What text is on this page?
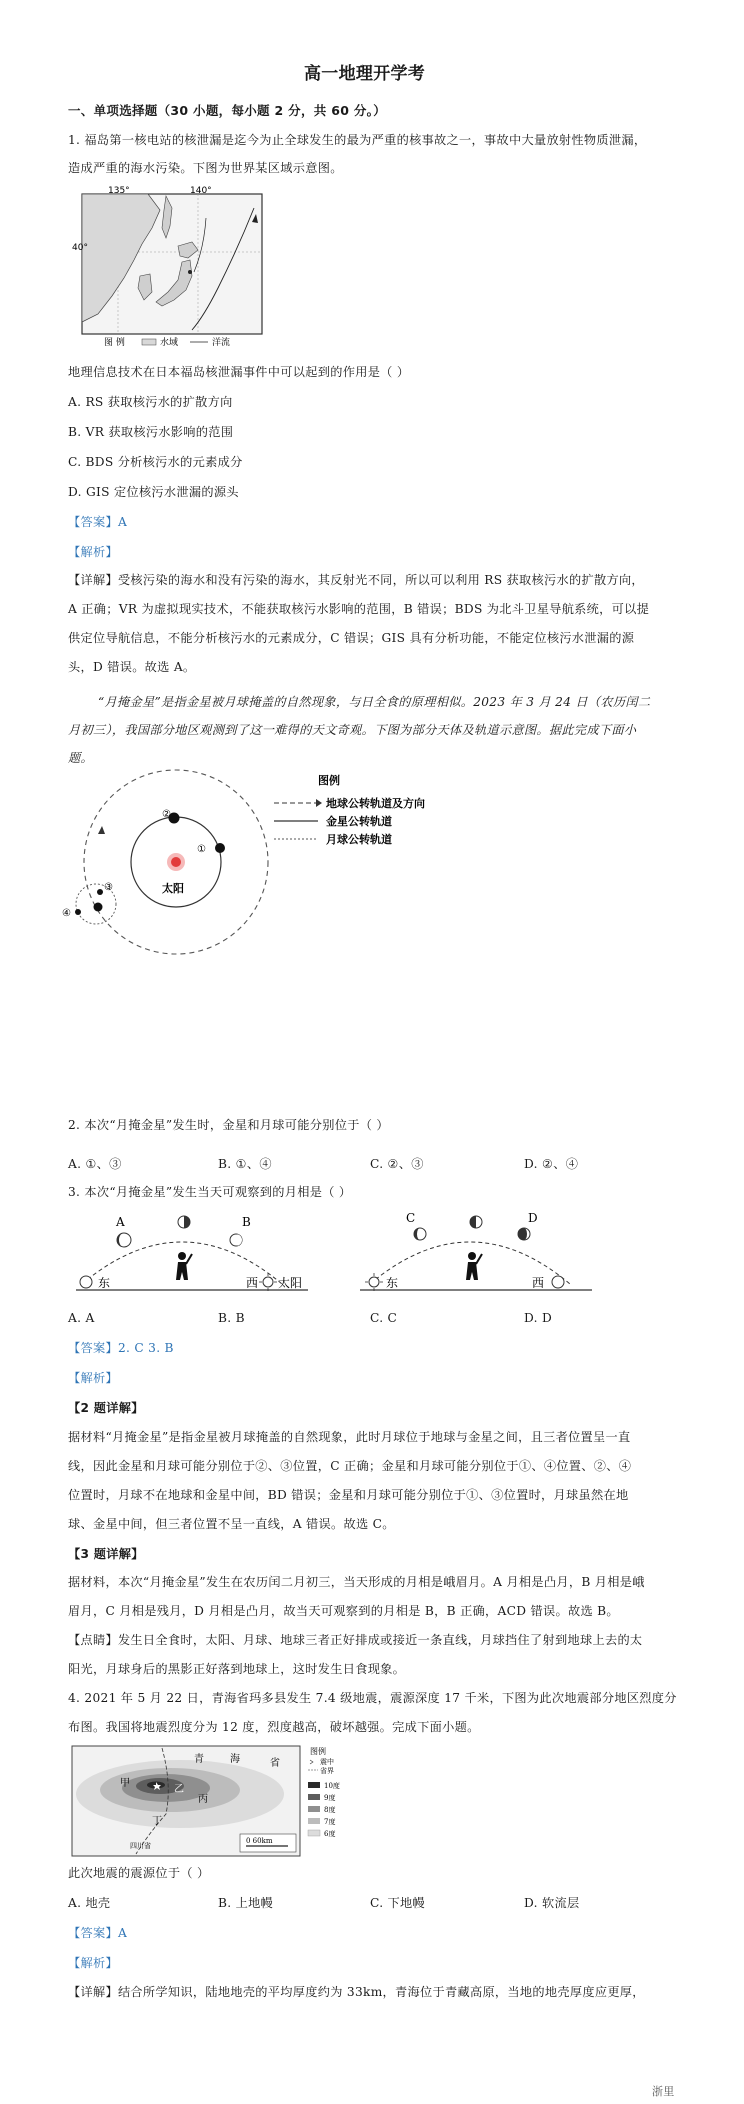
高一地理开学考
一、单项选择题（30 小题，每小题 2 分，共 60 分。）
1. 福岛第一核电站的核泄漏是迄今为止全球发生的最为严重的核事故之一，事故中大量放射性物质泄漏，
造成严重的海水污染。下图为世界某区域示意图。
135°	140°
40°
图 例	水域	洋流
地理信息技术在日本福岛核泄漏事件中可以起到的作用是（ ）
A. RS 获取核污水的扩散方向
B. VR 获取核污水影响的范围
C. BDS 分析核污水的元素成分
D. GIS 定位核污水泄漏的源头
【答案】A
【解析】
【详解】受核污染的海水和没有污染的海水，其反射光不同，所以可以利用 RS 获取核污水的扩散方向，
A 正确；VR 为虚拟现实技术，不能获取核污水影响的范围，B 错误；BDS 为北斗卫星导航系统，可以提
供定位导航信息，不能分析核污水的元素成分，C 错误；GIS 具有分析功能，不能定位核污水泄漏的源
头，D 错误。故选 A。
“月掩金星”是指金星被月球掩盖的自然现象，与日全食的原理相似。2023 年 3 月 24 日（农历闰二
月初三），我国部分地区观测到了这一难得的天文奇观。下图为部分天体及轨道示意图。据此完成下面小
题。
太阳
②
①
③
④
图例
地球公转轨道及方向
金星公转轨道
月球公转轨道
2. 本次“月掩金星”发生时，金星和月球可能分别位于（ ）
A. ①、③	B. ①、④	C. ②、③	D. ②、④
3. 本次“月掩金星”发生当天可观察到的月相是（ ）
A	B
东	西 太阳
C	D
东	西
A. A	B. B	C. C	D. D
【答案】2. C 3. B
【解析】
【2 题详解】
据材料“月掩金星”是指金星被月球掩盖的自然现象，此时月球位于地球与金星之间，且三者位置呈一直
线，因此金星和月球可能分别位于②、③位置，C 正确；金星和月球可能分别位于①、④位置、②、④
位置时，月球不在地球和金星中间，BD 错误；金星和月球可能分别位于①、③位置时，月球虽然在地
球、金星中间，但三者位置不呈一直线，A 错误。故选 C。
【3 题详解】
据材料，本次“月掩金星”发生在农历闰二月初三，当天形成的月相是峨眉月。A 月相是凸月，B 月相是峨
眉月，C 月相是残月，D 月相是凸月，故当天可观察到的月相是 B，B 正确，ACD 错误。故选 B。
【点睛】发生日全食时，太阳、月球、地球三者正好排成或接近一条直线，月球挡住了射到地球上去的太
阳光，月球身后的黑影正好落到地球上，这时发生日食现象。
4. 2021 年 5 月 22 日，青海省玛多县发生 7.4 级地震，震源深度 17 千米，下图为此次地震部分地区烈度分
布图。我国将地震烈度分为 12 度，烈度越高，破坏越强。完成下面小题。
青	海	省
甲
乙
丙
丁
四川省
0 60km
图例
震中
省界
10度
9度
8度
7度
6度
此次地震的震源位于（ ）
A. 地壳	B. 上地幔	C. 下地幔	D. 软流层
【答案】A
【解析】
【详解】结合所学知识，陆地地壳的平均厚度约为 33km，青海位于青藏高原，当地的地壳厚度应更厚，
浙里
